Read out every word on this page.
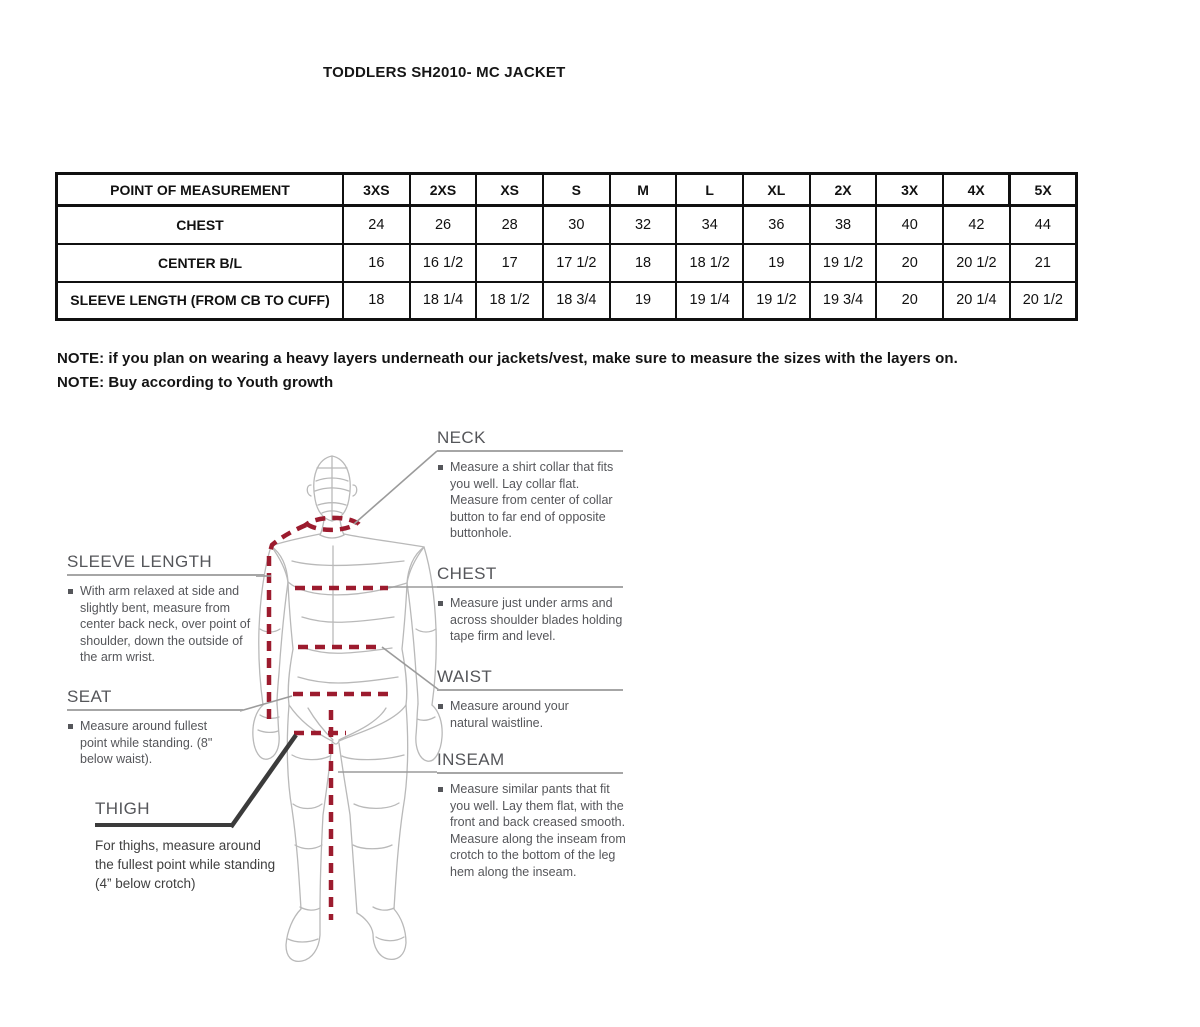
TODDLERS SH2010- MC JACKET
POINT OF MEASUREMENT	3XS	2XS	XS	S	M	L	XL	2X	3X	4X	5X
CHEST	24	26	28	30	32	34	36	38	40	42	44
CENTER B/L	16	16 1/2	17	17 1/2	18	18 1/2	19	19 1/2	20	20 1/2	21
SLEEVE LENGTH (FROM CB TO CUFF)	18	18 1/4	18 1/2	18 3/4	19	19 1/4	19 1/2	19 3/4	20	20 1/4	20 1/2

NOTE: if you plan on wearing a heavy layers underneath our jackets/vest, make sure to measure the sizes with the layers on.

NOTE: Buy according to Youth growth

NECK
Measure a shirt collar that fits you well. Lay collar flat. Measure from center of collar button to far end of opposite buttonhole.
CHEST
Measure just under arms and across shoulder blades holding tape firm and level.
WAIST
Measure around your natural waistline.
INSEAM
Measure similar pants that fit you well. Lay them flat, with the front and back creased smooth. Measure along the inseam from crotch to the bottom of the leg hem along the inseam.
SLEEVE LENGTH
With arm relaxed at side and slightly bent, measure from center back neck, over point of shoulder, down the outside of the arm wrist.
SEAT
Measure around fullest point while standing. (8" below waist).
THIGH
For thighs, measure around the fullest point while standing (4” below crotch)
